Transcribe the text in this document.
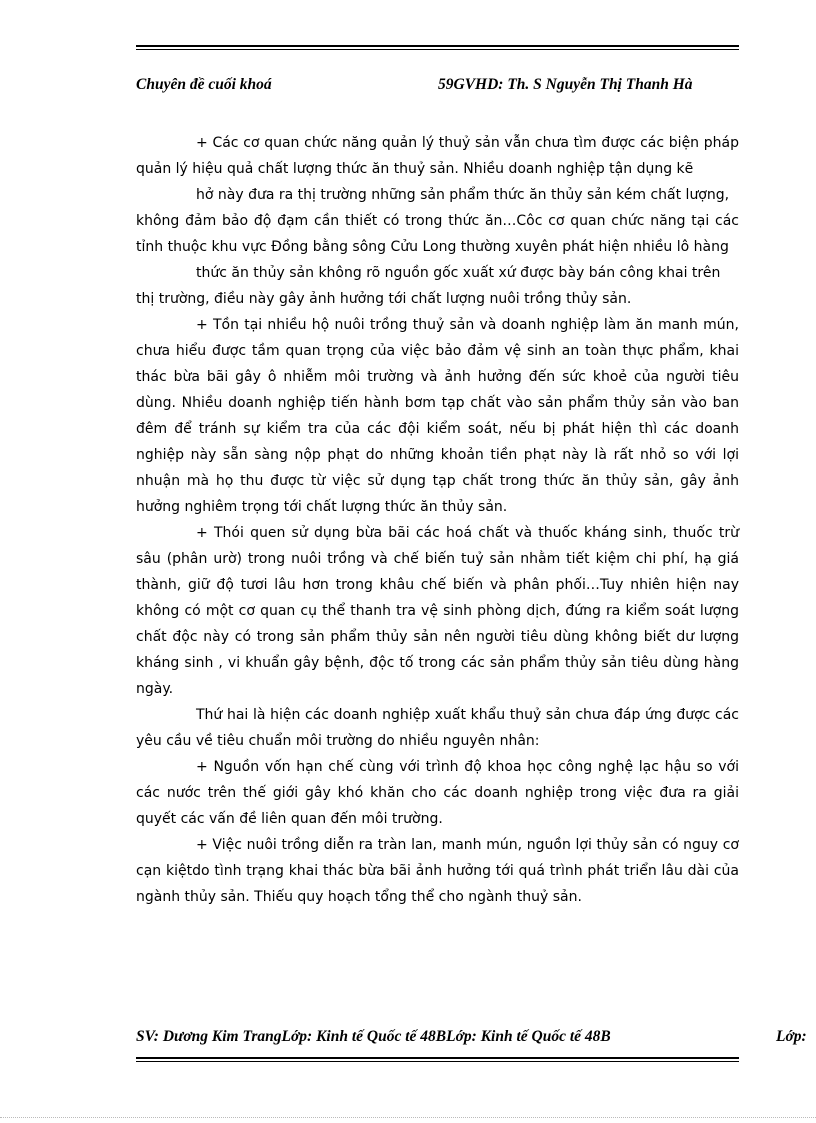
Chuyên đề cuối khoá	59GVHD: Th. S Nguyễn Thị Thanh Hà

+ Các cơ quan chức năng quản lý thuỷ sản vẫn chưa tìm được các biện pháp quản lý hiệu quả chất lượng thức ăn thuỷ sản. Nhiều doanh nghiệp tận dụng kẽ

hở này đưa ra thị trường những sản phẩm thức ăn thủy sản kém chất lượng,

không đảm bảo độ đạm cần thiết có trong thức ăn…Côc cơ quan chức năng tại các tỉnh thuộc khu vực Đồng bằng sông Cửu Long thường xuyên phát hiện nhiều lô hàng

thức ăn thủy sản không rõ nguồn gốc xuất xứ được bày bán công khai trên

thị trường, điều này gây ảnh hưởng tới chất lượng nuôi trồng thủy sản.

+ Tồn tại nhiều hộ nuôi trồng thuỷ sản và doanh nghiệp làm ăn manh mún, chưa hiểu được tầm quan trọng của việc bảo đảm vệ sinh an toàn thực phẩm, khai thác bừa bãi gây ô nhiễm môi trường và ảnh hưởng đến sức khoẻ của người tiêu dùng. Nhiều doanh nghiệp tiến hành bơm tạp chất vào sản phẩm thủy sản vào ban đêm để tránh sự kiểm tra của các đội kiểm soát, nếu bị phát hiện thì các doanh nghiệp này sẵn sàng nộp phạt do những khoản tiền phạt này là rất nhỏ so với lợi nhuận mà họ thu được từ việc sử dụng tạp chất trong thức ăn thủy sản, gây ảnh hưởng nghiêm trọng tới chất lượng thức ăn thủy sản.

+ Thói quen sử dụng bừa bãi các hoá chất và thuốc kháng sinh, thuốc trừ sâu (phân urờ) trong nuôi trồng và chế biến tuỷ sản nhằm tiết kiệm chi phí, hạ giá thành, giữ độ tươi lâu hơn trong khâu chế biến và phân phối…Tuy nhiên hiện nay không có một cơ quan cụ thể thanh tra vệ sinh phòng dịch, đứng ra kiểm soát lượng chất độc này có trong sản phẩm thủy sản nên người tiêu dùng không biết dư lượng kháng sinh , vi khuẩn gây bệnh, độc tố trong các sản phẩm thủy sản tiêu dùng hàng ngày.

Thứ hai là hiện các doanh nghiệp xuất khẩu thuỷ sản chưa đáp ứng được các yêu cầu về tiêu chuẩn môi trường do nhiều nguyên nhân:

+ Nguồn vốn hạn chế cùng với trình độ khoa học công nghệ lạc hậu so với các nước trên thế giới gây khó khăn cho các doanh nghiệp trong việc đưa ra giải quyết các vấn đề liên quan đến môi trường.

+ Việc nuôi trồng diễn ra tràn lan, manh mún, nguồn lợi thủy sản có nguy cơ cạn kiệtdo tình trạng khai thác bừa bãi ảnh hưởng tới quá trình phát triển lâu dài của ngành thủy sản. Thiếu quy hoạch tổng thể cho ngành thuỷ sản.

SV: Dương Kim TrangLớp: Kinh tế Quốc tế 48BLớp: Kinh tế Quốc tế 48B	Lớp:
